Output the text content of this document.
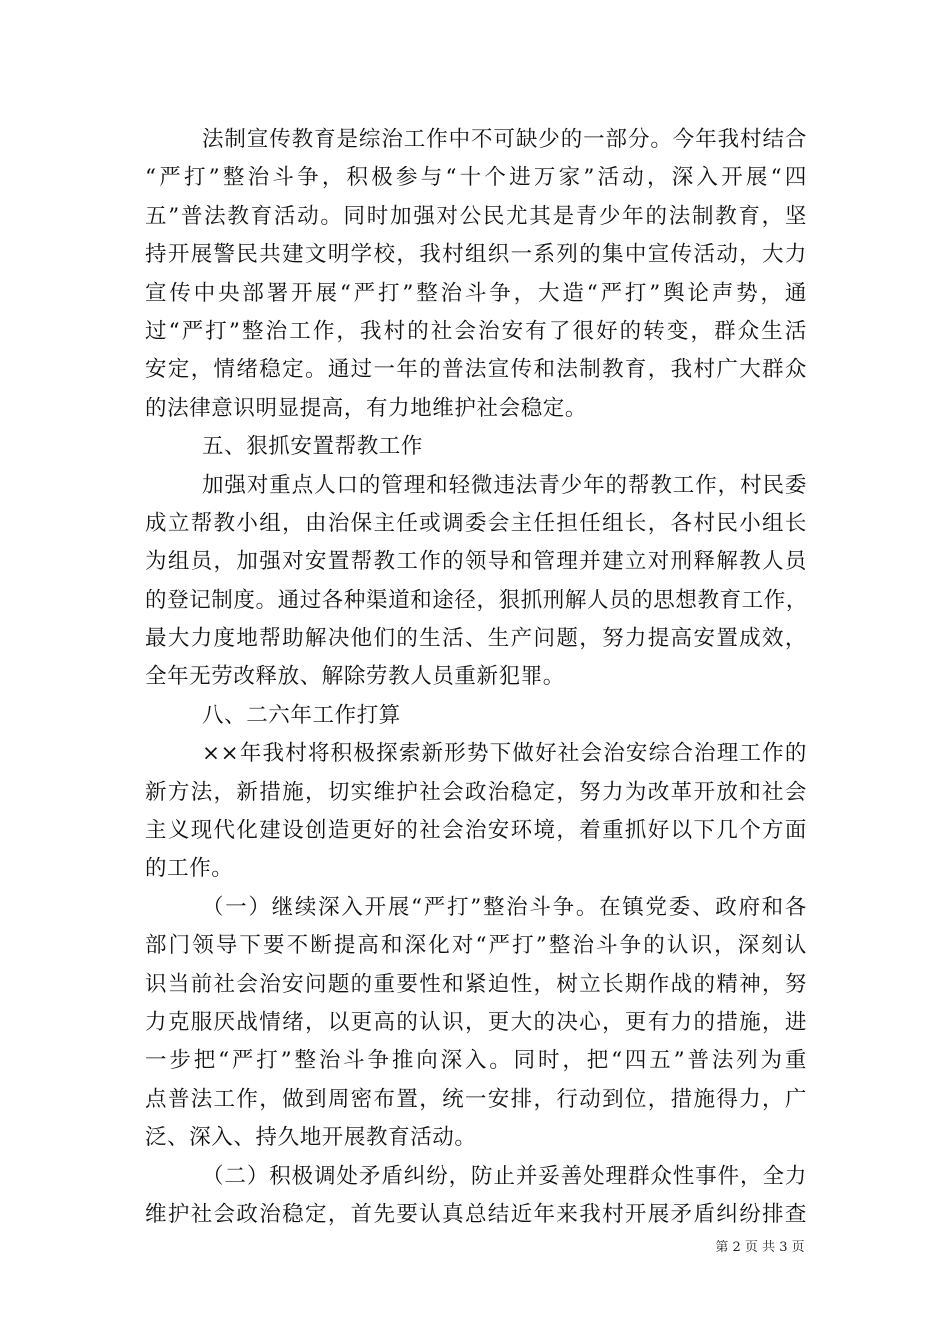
法制宣传教育是综治工作中不可缺少的一部分。今年我村结合
“严打”整治斗争，积极参与“十个进万家”活动，深入开展“四
五”普法教育活动。同时加强对公民尤其是青少年的法制教育，坚
持开展警民共建文明学校，我村组织一系列的集中宣传活动，大力
宣传中央部署开展“严打”整治斗争，大造“严打”舆论声势，通
过“严打”整治工作，我村的社会治安有了很好的转变，群众生活
安定，情绪稳定。通过一年的普法宣传和法制教育，我村广大群众
的法律意识明显提高，有力地维护社会稳定。
五、狠抓安置帮教工作
加强对重点人口的管理和轻微违法青少年的帮教工作，村民委
成立帮教小组，由治保主任或调委会主任担任组长，各村民小组长
为组员，加强对安置帮教工作的领导和管理并建立对刑释解教人员
的登记制度。通过各种渠道和途径，狠抓刑解人员的思想教育工作，
最大力度地帮助解决他们的生活、生产问题，努力提高安置成效，
全年无劳改释放、解除劳教人员重新犯罪。
八、二六年工作打算
××年我村将积极探索新形势下做好社会治安综合治理工作的
新方法，新措施，切实维护社会政治稳定，努力为改革开放和社会
主义现代化建设创造更好的社会治安环境，着重抓好以下几个方面
的工作。
（一）继续深入开展“严打”整治斗争。在镇党委、政府和各
部门领导下要不断提高和深化对“严打”整治斗争的认识，深刻认
识当前社会治安问题的重要性和紧迫性，树立长期作战的精神，努
力克服厌战情绪，以更高的认识，更大的决心，更有力的措施，进
一步把“严打”整治斗争推向深入。同时，把“四五”普法列为重
点普法工作，做到周密布置，统一安排，行动到位，措施得力，广
泛、深入、持久地开展教育活动。
（二）积极调处矛盾纠纷，防止并妥善处理群众性事件，全力
维护社会政治稳定，首先要认真总结近年来我村开展矛盾纠纷排查
第 2 页 共 3 页
